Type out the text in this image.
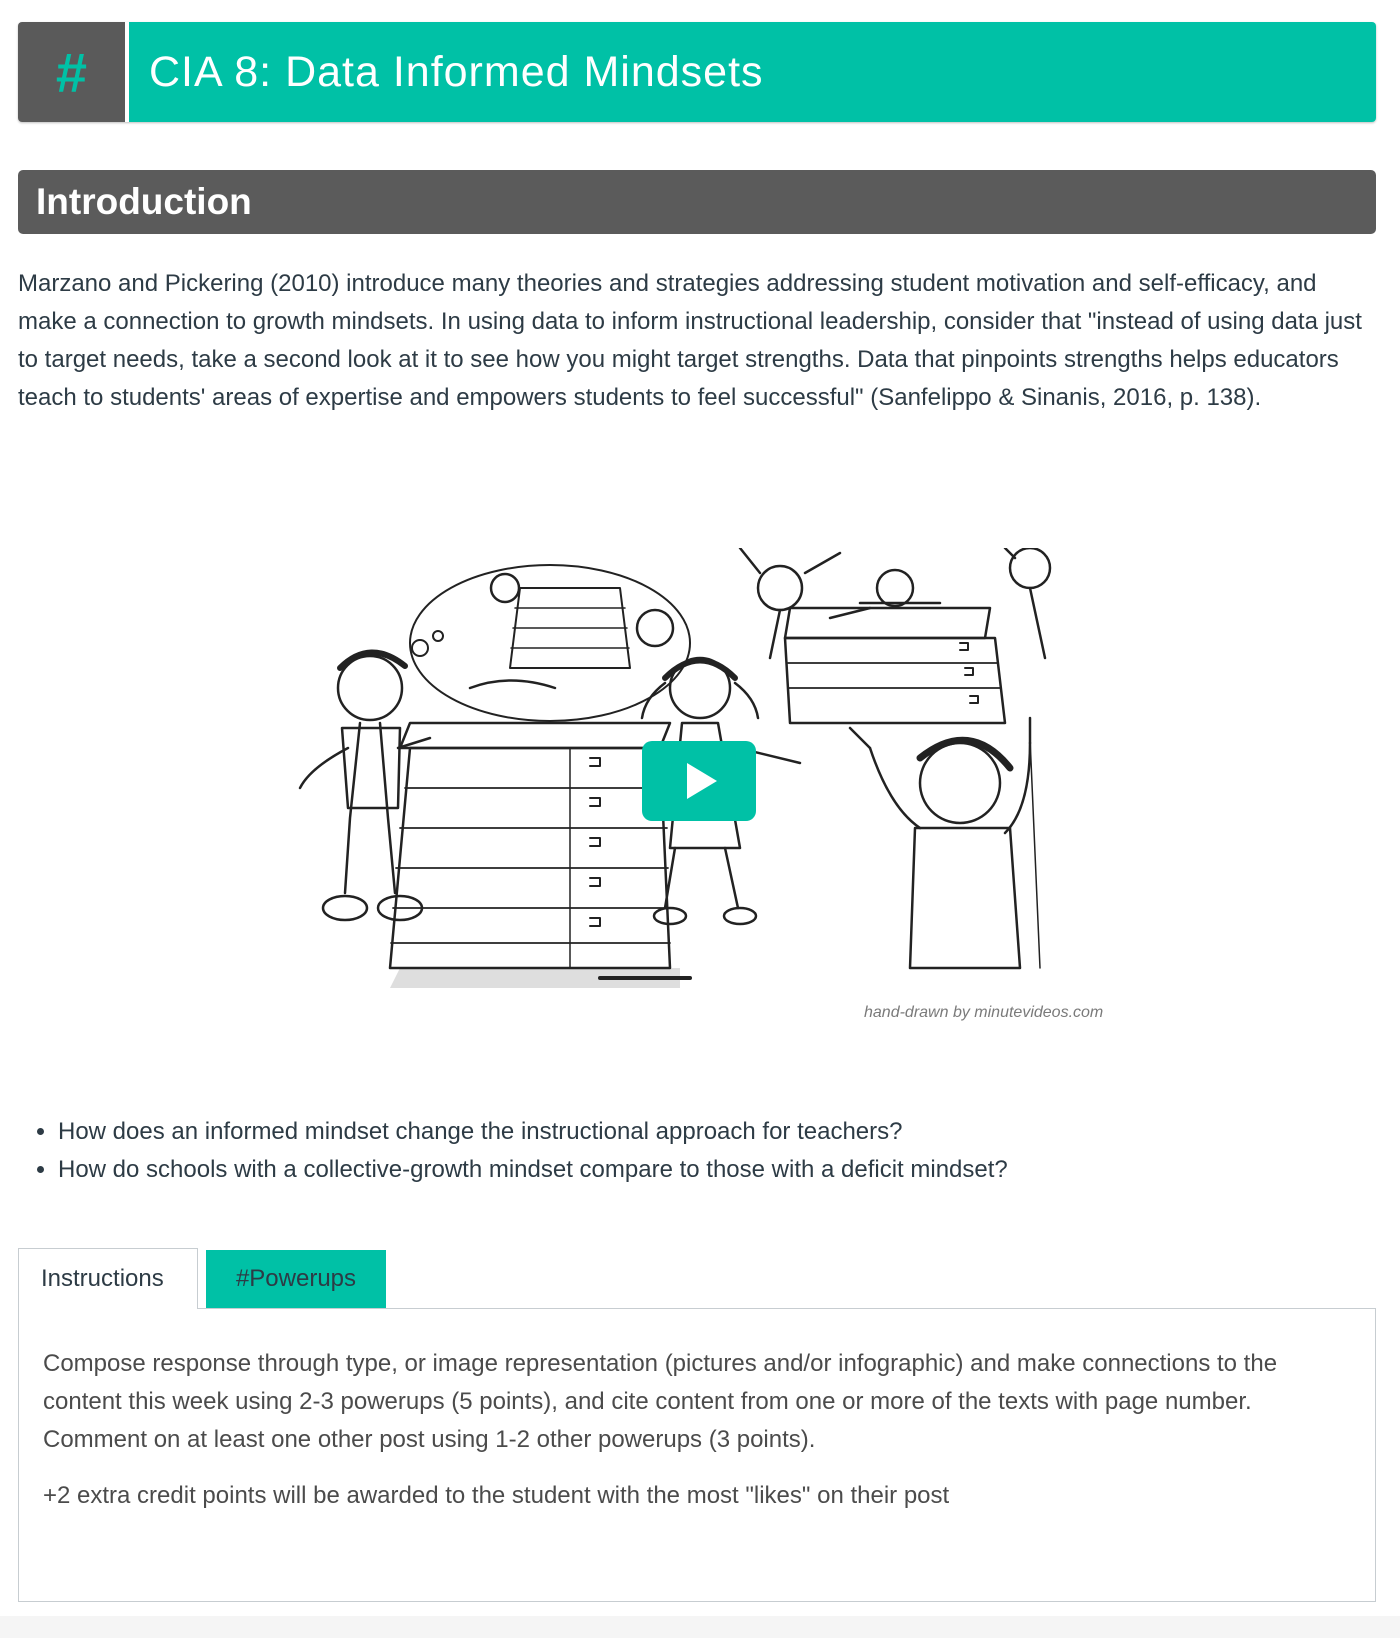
#	CIA 8: Data Informed Mindsets
Introduction

Marzano and Pickering (2010) introduce many theories and strategies addressing student motivation and self-efficacy, and make a connection to growth mindsets. In using data to inform instructional leadership, consider that "instead of using data just to target needs, take a second look at it to see how you might target strengths. Data that pinpoints strengths helps educators teach to students' areas of expertise and empowers students to feel successful" (Sanfelippo & Sinanis, 2016, p. 138).

hand-drawn by minutevideos.com
• How does an informed mindset change the instructional approach for teachers?
• How do schools with a collective-growth mindset compare to those with a deficit mindset?
Instructions	#Powerups

Compose response through type, or image representation (pictures and/or infographic) and make connections to the content this week using 2-3 powerups (5 points), and cite content from one or more of the texts with page number. Comment on at least one other post using 1-2 other powerups (3 points).

+2 extra credit points will be awarded to the student with the most "likes" on their post
